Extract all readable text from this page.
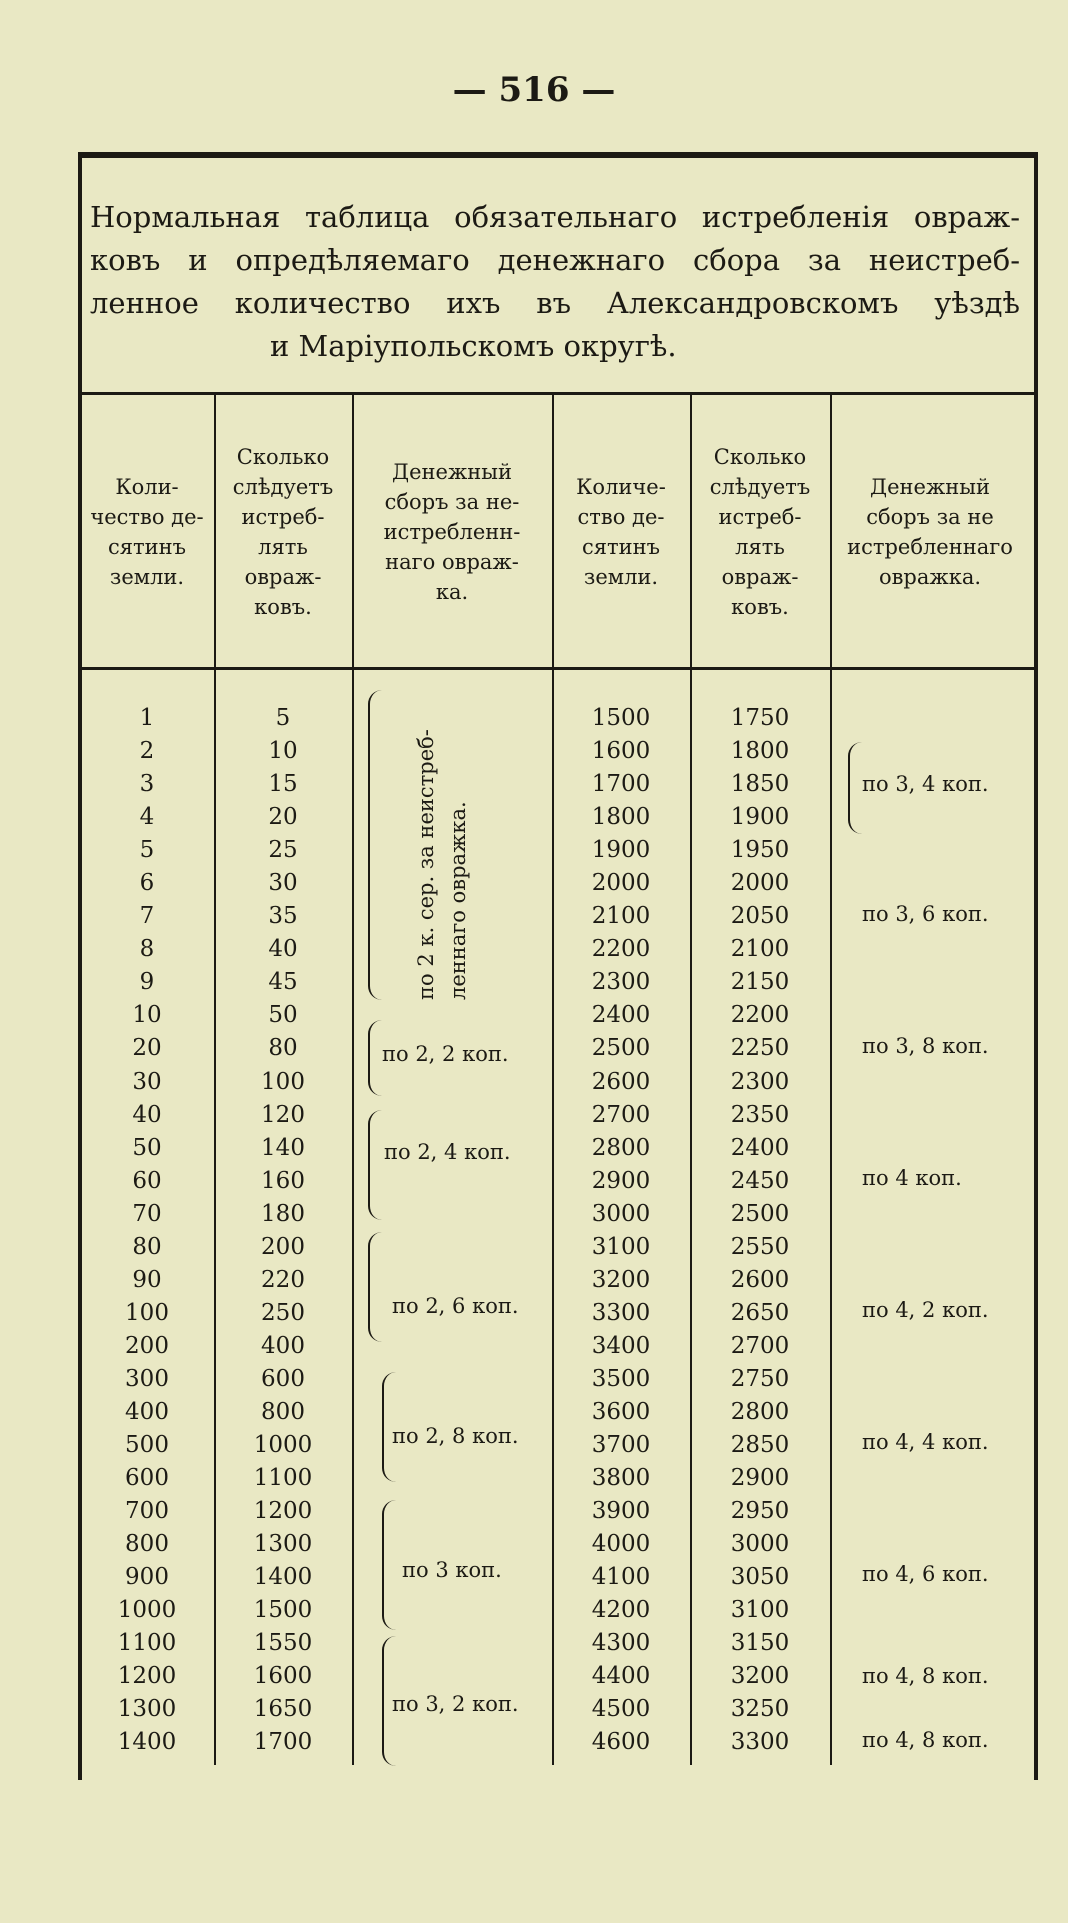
— 516 —
Нормальная таблица обязательнаго истребленія овраж-
ковъ и опредѣляемаго денежнаго сбора за неистреб-
ленное количество ихъ въ Александровскомъ уѣздѣ
и Маріупольскомъ округѣ.
Коли-
чество де-
сятинъ
земли.
Сколько
слѣдуетъ
истреб-
лять
овраж-
ковъ.
Денежный
сборъ за не-
истребленн-
наго овраж-
ка.
Количе-
ство де-
сятинъ
земли.
Сколько
слѣдуетъ
истреб-
лять
овраж-
ковъ.
Денежный
сборъ за не
истребленнаго
оврaжка.
1
2
3
4
5
6
7
8
9
10
20
30
40
50
60
70
80
90
100
200
300
400
500
600
700
800
900
1000
1100
1200
1300
1400
5
10
15
20
25
30
35
40
45
50
80
100
120
140
160
180
200
220
250
400
600
800
1000
1100
1200
1300
1400
1500
1550
1600
1650
1700
1500
1600
1700
1800
1900
2000
2100
2200
2300
2400
2500
2600
2700
2800
2900
3000
3100
3200
3300
3400
3500
3600
3700
3800
3900
4000
4100
4200
4300
4400
4500
4600
1750
1800
1850
1900
1950
2000
2050
2100
2150
2200
2250
2300
2350
2400
2450
2500
2550
2600
2650
2700
2750
2800
2850
2900
2950
3000
3050
3100
3150
3200
3250
3300
по 2 к. сер. за неистреб- леннаго оврaжка.
по 2, 2 коп.
по 2, 4 коп.
по 2, 6 коп.
по 2, 8 коп.
по 3 коп.
по 3, 2 коп.
по 3, 4 коп.
по 3, 6 коп.
по 3, 8 коп.
по 4 коп.
по 4, 2 коп.
по 4, 4 коп.
по 4, 6 коп.
по 4, 8 коп.
по 4, 8 коп.
